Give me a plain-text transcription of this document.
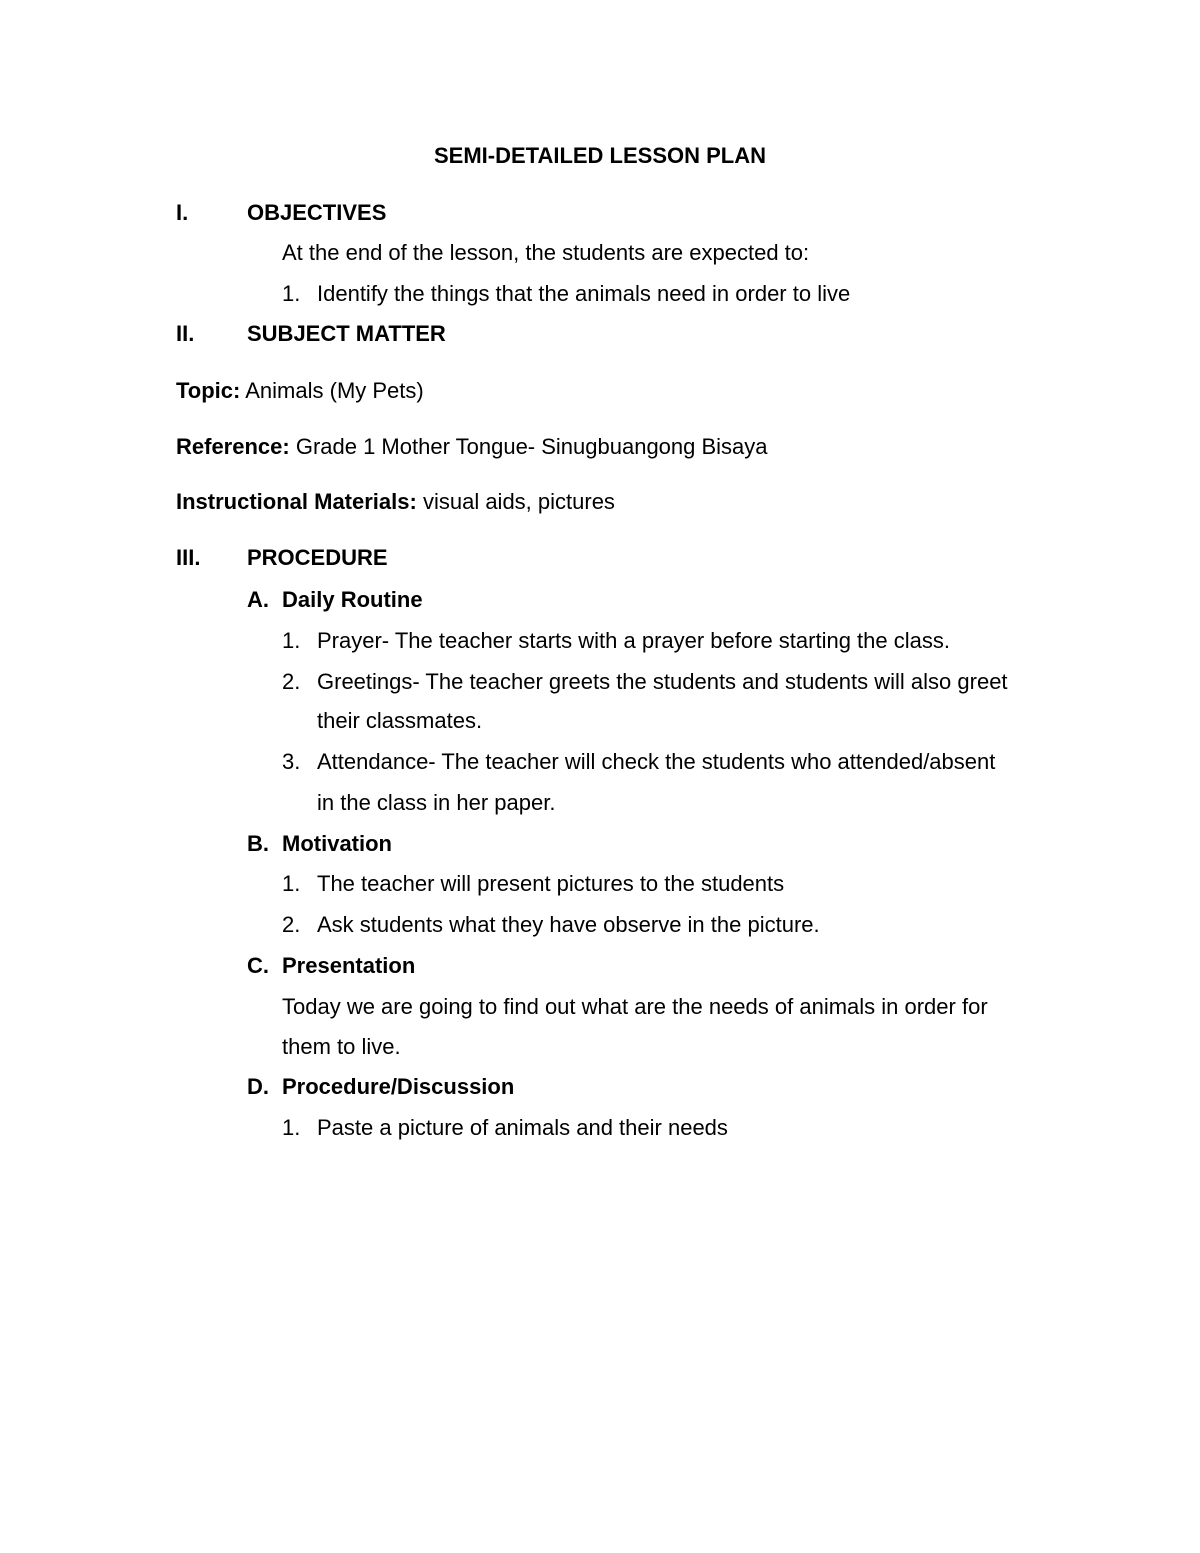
SEMI-DETAILED LESSON PLAN
I.	OBJECTIVES
At the end of the lesson, the students are expected to:
1. Identify the things that the animals need in order to live
II. SUBJECT MATTER
Topic: Animals (My Pets)
Reference: Grade 1 Mother Tongue- Sinugbuangong Bisaya
Instructional Materials: visual aids, pictures
III. PROCEDURE
A. Daily Routine
1. Prayer- The teacher starts with a prayer before starting the class.
2. Greetings- The teacher greets the students and students will also greet
their classmates.
3. Attendance- The teacher will check the students who attended/absent
in the class in her paper.
B. Motivation
1. The teacher will present pictures to the students
2. Ask students what they have observe in the picture.
C. Presentation
Today we are going to find out what are the needs of animals in order for
them to live.
D. Procedure/Discussion
1. Paste a picture of animals and their needs
